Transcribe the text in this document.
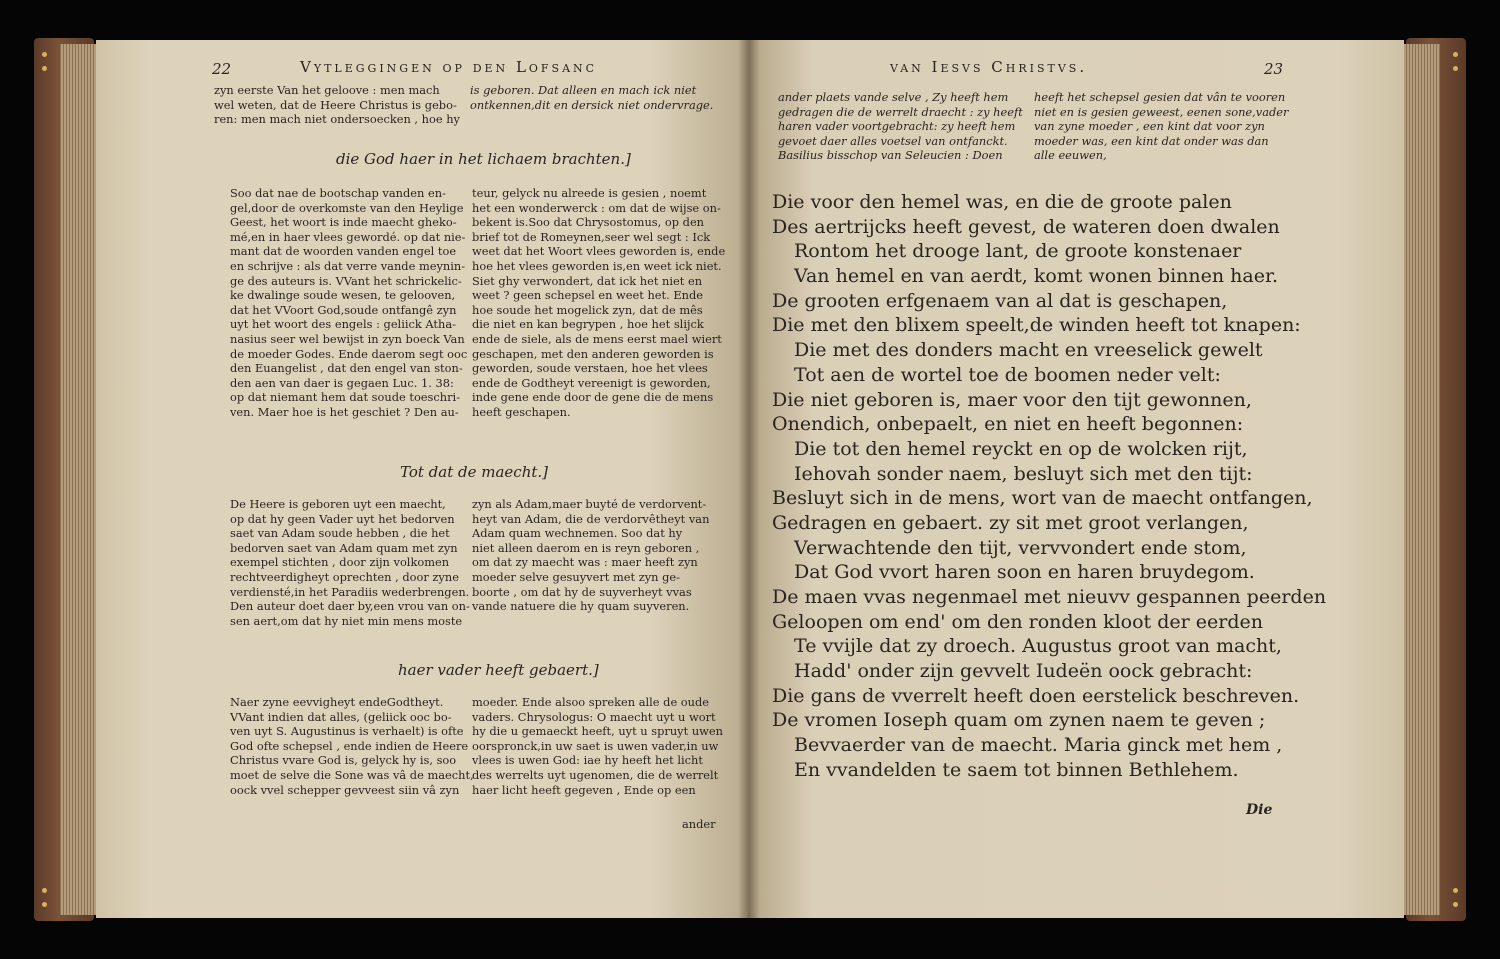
22	Vytleggingen op den Lofsanc
zyn eerste Van het geloove : men mach
wel weten, dat de Heere Christus is gebo-
ren: men mach niet ondersoecken , hoe hy
is geboren. Dat alleen en mach ick niet
ontkennen,dit en dersick niet ondervrage.
die God haer in het lichaem brachten.]
Soo dat nae de bootschap vanden en-
gel,door de overkomste van den Heylige
Geest, het woort is inde maecht ghekо-
mé,en in haer vlees gewordé. op dat nie-
mant dat de woorden vanden engel toe
en schrijve : als dat verre vande meynin-
ge des auteurs is. VVant het schrickelic-
ke dwalinge soude wesen, te gelooven,
dat het VVoort God,soude ontfangê zyn
uyt het woort des engels : geliick Atha-
nasius seer wel bewijst in zyn boeck Van
de moeder Godes. Ende daerom segt ooc
den Euangelist , dat den engel van ston-
den aen van daer is gegaen Luc. 1. 38:
op dat niemant hem dat soude toeschri-
ven. Maer hoe is het geschiet ? Den au-
teur, gelyck nu alreede is gesien , noemt
het een wonderwerck : om dat de wijse on-
bekent is.Soo dat Chrysostomus, op den
brief tot de Romeynen,seer wel segt : Ick
weet dat het Woort vlees geworden is, ende
hoe het vlees geworden is,en weet ick niet.
Siet ghy verwondert, dat ick het niet en
weet ? geen schepsel en weet het. Ende
hoe soude het mogelick zyn, dat de mês
die niet en kan begrypen , hoe het slijck
ende de siele, als de mens eerst mael wiert
geschapen, met den anderen geworden is
geworden, soude verstaen, hoe het vlees
ende de Godtheyt vereenigt is geworden,
inde gene ende door de gene die de mens
heeft geschapen.
Tot dat de maecht.]
De Heere is geboren uyt een maecht,
op dat hy geen Vader uyt het bedorven
saet van Adam soude hebben , die het
bedorven saet van Adam quam met zyn
exempel stichten , door zijn volkomen
rechtveerdigheyt oprechten , door zyne
verdiensté,in het Paradiis wederbrengen.
Den auteur doet daer by,een vrou van on-
sen aert,om dat hy niet min mens moste
zyn als Adam,maer buyté de verdorvent-
heyt van Adam, die de verdorvêtheyt van
Adam quam wechnemen. Soo dat hy
niet alleen daerom en is reyn geboren ,
om dat zy maecht was : maer heeft zyn
moeder selve gesuyvert met zyn ge-
boorte , om dat hy de suyverheyt vvas
vande natuere die hy quam suyveren.
haer vader heeft gebaert.]
Naer zyne eevvigheyt endeGodtheyt.
VVant indien dat alles, (geliick ooc bo-
ven uyt S. Augustinus is verhaelt) is ofte
God ofte schepsel , ende indien de Heere
Christus vvare God is, gelyck hy is, soo
moet de selve die Sone was vâ de maecht,
oock vvel schepper gevveest siin vâ zyn
moeder. Ende alsoo spreken alle de oude
vaders. Chrysologus: O maecht uyt u wort
hy die u gemaeckt heeft, uyt u spruyt uwen
oorspronck,in uw saet is uwen vader,in uw
vlees is uwen God: iae hy heeft het licht
des werrelts uyt ugenomen, die de werrelt
haer licht heeft gegeven , Ende op een
ander
van Iesvs Christvs.	23
ander plaets vande selve , Zy heeft hem
gedragen die de werrelt draecht : zy heeft
haren vader voortgebracht: zy heeft hem
gevoet daer alles voetsel van ontfanckt.
Basilius bisschop van Seleucien : Doen
heeft het schepsel gesien dat vân te vooren
niet en is gesien geweest, eenen sone,vader
van zyne moeder , een kint dat voor zyn
moeder was, een kint dat onder was dan
alle eeuwen,
Die voor den hemel was, en die de groote palen
Des aertrijcks heeft gevest, de wateren doen dwalen
Rontom het drooge lant, de groote konstenaer
Van hemel en van aerdt, komt wonen binnen haer.
De grooten erfgenaem van al dat is geschapen,
Die met den blixem speelt,de winden heeft tot knapen:
Die met des donders macht en vreeselick gewelt
Tot aen de wortel toe de boomen neder velt:
Die niet geboren is, maer voor den tijt gewonnen,
Onendich, onbepaelt, en niet en heeft begonnen:
Die tot den hemel reyckt en op de wolcken rijt,
Iehovah sonder naem, besluyt sich met den tijt:
Besluyt sich in de mens, wort van de maecht ontfangen,
Gedragen en gebaert. zy sit met groot verlangen,
Verwachtende den tijt, vervvondert ende stom,
Dat God vvort haren soon en haren bruydegom.
De maen vvas negenmael met nieuvv gespannen peerden
Geloopen om end' om den ronden kloot der eerden
Te vvijle dat zy droech. Augustus groot van macht,
Hadd' onder zijn gevvelt Iudeën oock gebracht:
Die gans de vverrelt heeft doen eerstelick beschreven.
De vromen Ioseph quam om zynen naem te geven ;
Bevvaerder van de maecht. Maria ginck met hem ,
En vvandelden te saem tot binnen Bethlehem.
Die
